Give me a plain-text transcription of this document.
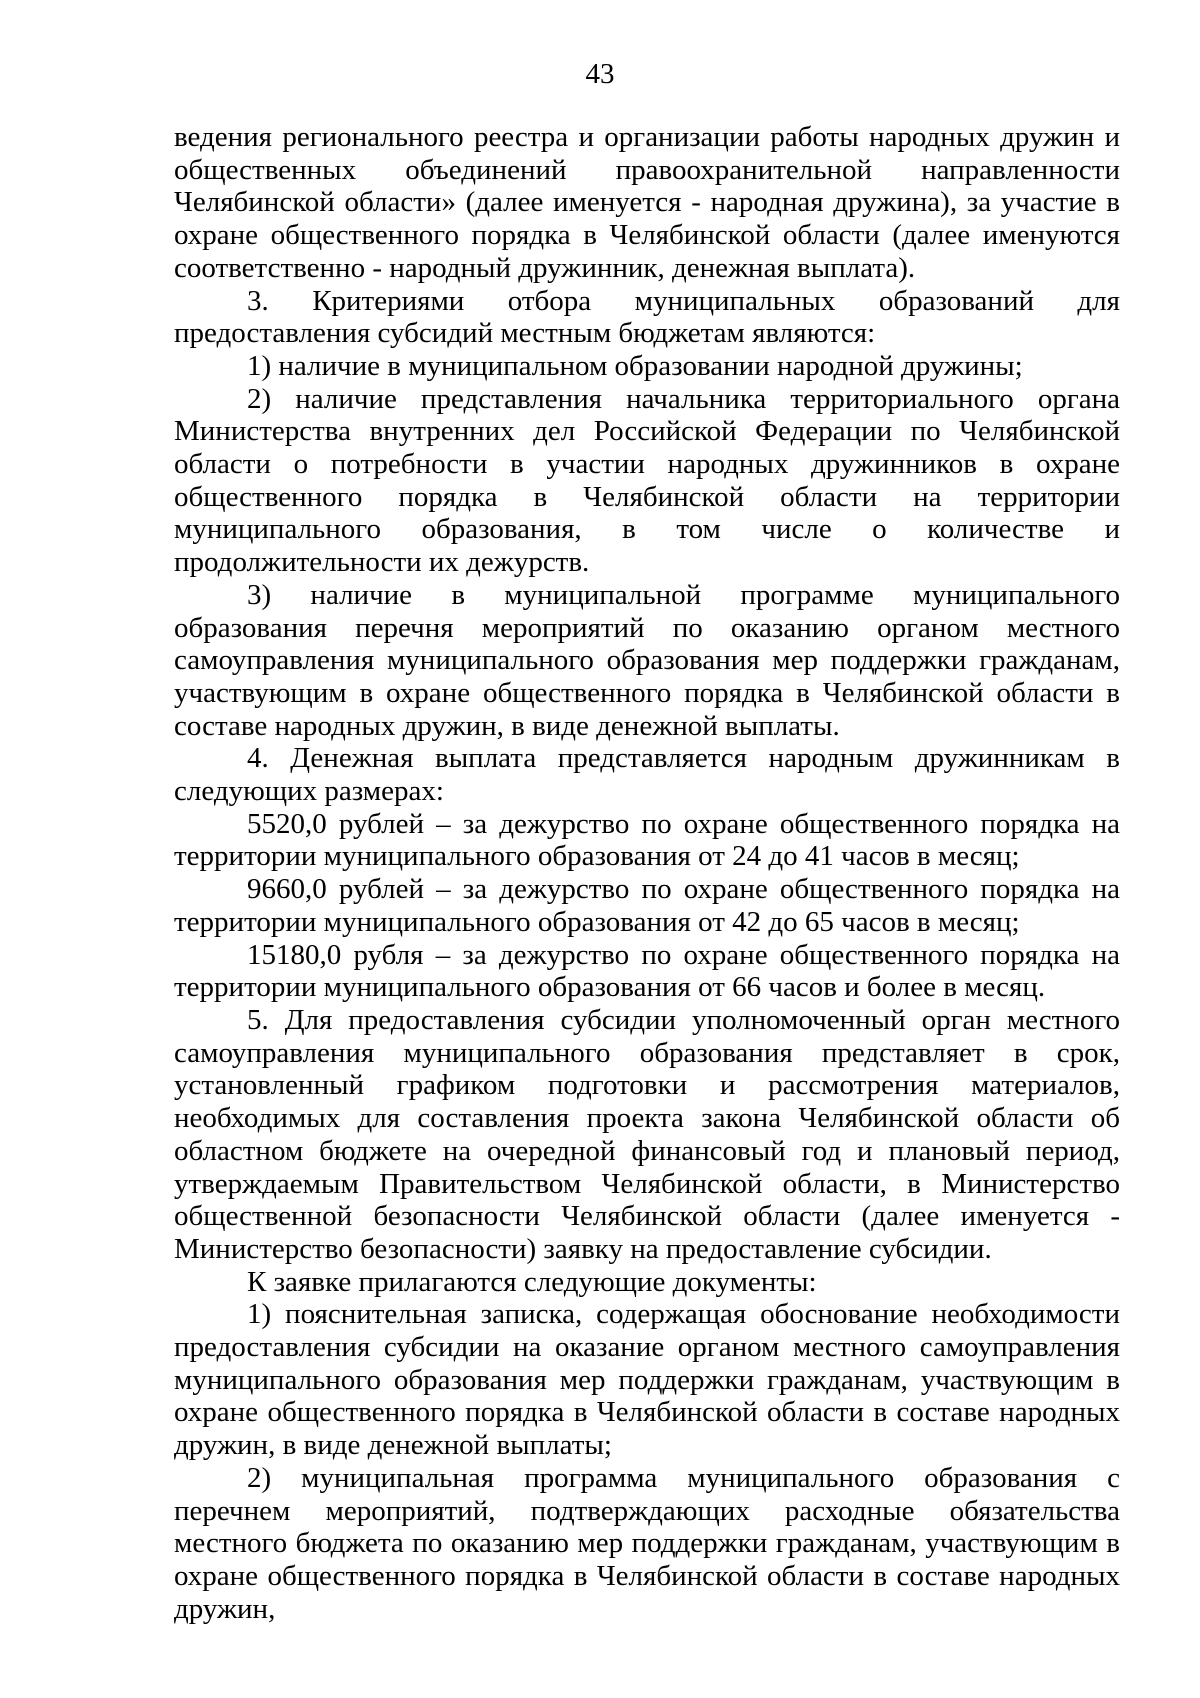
43

ведения регионального реестра и организации работы народных дружин и общественных объединений правоохранительной направленности Челябинской области» (далее именуется - народная дружина), за участие в охране общественного порядка в Челябинской области (далее именуются соответственно - народный дружинник, денежная выплата).

3. Критериями отбора муниципальных образований для предоставления субсидий местным бюджетам являются:

1) наличие в муниципальном образовании народной дружины;

2) наличие представления начальника территориального органа Министерства внутренних дел Российской Федерации по Челябинской области о потребности в участии народных дружинников в охране общественного порядка в Челябинской области на территории муниципального образования, в том числе о количестве и продолжительности их дежурств.

3) наличие в муниципальной программе муниципального образования перечня мероприятий по оказанию органом местного самоуправления муниципального образования мер поддержки гражданам, участвующим в охране общественного порядка в Челябинской области в составе народных дружин, в виде денежной выплаты.

4. Денежная выплата представляется народным дружинникам в следующих размерах:

5520,0 рублей – за дежурство по охране общественного порядка на территории муниципального образования от 24 до 41 часов в месяц;

9660,0 рублей – за дежурство по охране общественного порядка на территории муниципального образования от 42 до 65 часов в месяц;

15180,0 рубля – за дежурство по охране общественного порядка на территории муниципального образования от 66 часов и более в месяц.

5. Для предоставления субсидии уполномоченный орган местного самоуправления муниципального образования представляет в срок, установленный графиком подготовки и рассмотрения материалов, необходимых для составления проекта закона Челябинской области об областном бюджете на очередной финансовый год и плановый период, утверждаемым Правительством Челябинской области, в Министерство общественной безопасности Челябинской области (далее именуется - Министерство безопасности) заявку на предоставление субсидии.

К заявке прилагаются следующие документы:

1) пояснительная записка, содержащая обоснование необходимости предоставления субсидии на оказание органом местного самоуправления муниципального образования мер поддержки гражданам, участвующим в охране общественного порядка в Челябинской области в составе народных дружин, в виде денежной выплаты;

2) муниципальная программа муниципального образования с перечнем мероприятий, подтверждающих расходные обязательства местного бюджета по оказанию мер поддержки гражданам, участвующим в охране общественного порядка в Челябинской области в составе народных дружин,
